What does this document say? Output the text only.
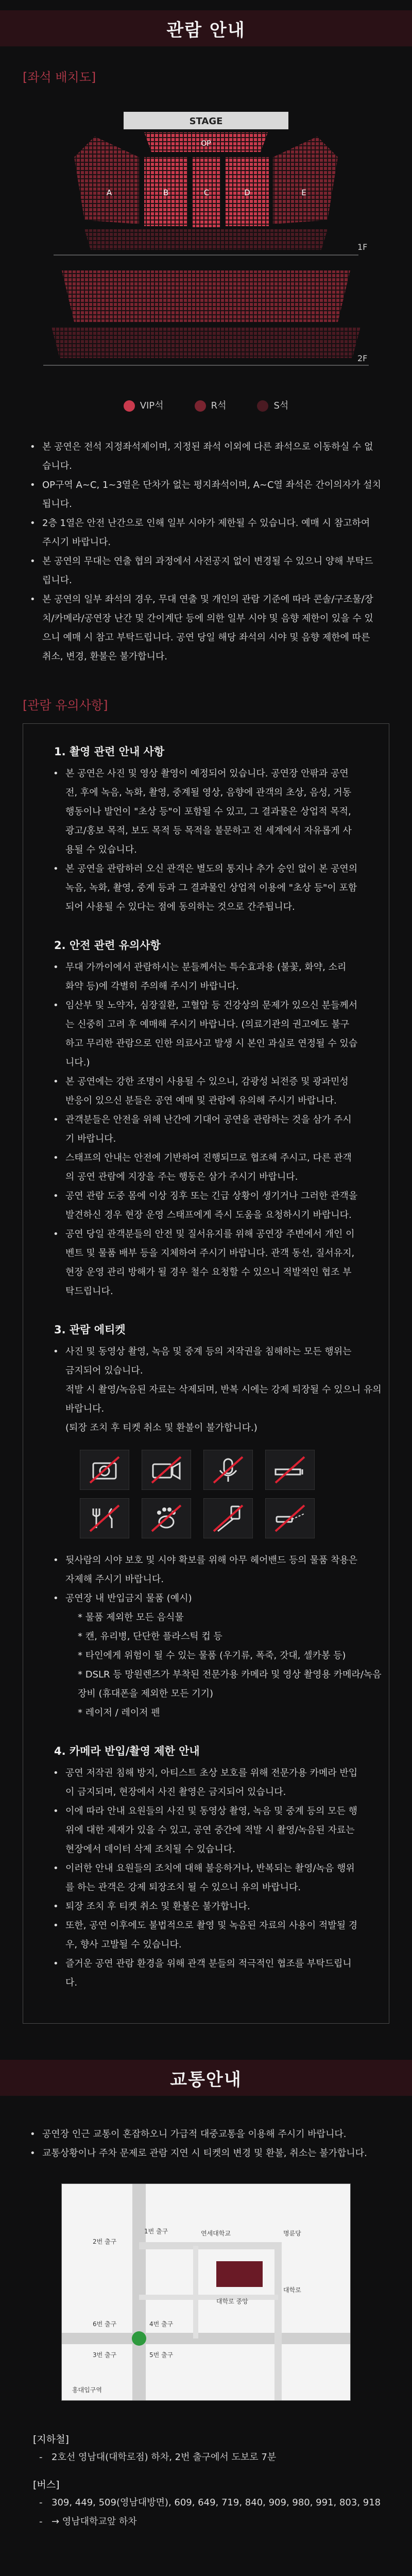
관람 안내
[좌석 배치도]
STAGE
OP
A	B	C	D	E
1F
2F
VIP석	R석	S석
• 본 공연은 전석 지정좌석제이며, 지정된 좌석 이외에 다른 좌석으로 이동하실 수 없습니다.
• OP구역 A~C, 1~3열은 단차가 없는 평지좌석이며, A~C열 좌석은 간이의자가 설치됩니다.
• 2층 1열은 안전 난간으로 인해 일부 시야가 제한될 수 있습니다. 예매 시 참고하여 주시기 바랍니다.
• 본 공연의 무대는 연출 협의 과정에서 사전공지 없이 변경될 수 있으니 양해 부탁드립니다.
• 본 공연의 일부 좌석의 경우, 무대 연출 및 개인의 관람 기준에 따라 콘솔/구조물/장치/카메라/공연장 난간 및 간이계단 등에 의한 일부 시야 및 음향 제한이 있을 수 있으니 예매 시 참고 부탁드립니다. 공연 당일 해당 좌석의 시야 및 음향 제한에 따른 취소, 변경, 환불은 불가합니다.
[관람 유의사항]
1. 촬영 관련 안내 사항
• 본 공연은 사진 및 영상 촬영이 예정되어 있습니다. 공연장 안팎과 공연 전, 후에 녹음, 녹화, 촬영, 중계될 영상, 음향에 관객의 초상, 음성, 거동 행동이나 발언이 "초상 등"이 포함될 수 있고, 그 결과물은 상업적 목적, 광고/홍보 목적, 보도 목적 등 목적을 불문하고 전 세계에서 자유롭게 사용될 수 있습니다.
• 본 공연을 관람하러 오신 관객은 별도의 통지나 추가 승인 없이 본 공연의 녹음, 녹화, 촬영, 중계 등과 그 결과물인 상업적 이용에 "초상 등"이 포함되어 사용될 수 있다는 점에 동의하는 것으로 간주됩니다.
2. 안전 관련 유의사항
• 무대 가까이에서 관람하시는 분들께서는 특수효과용 (불꽃, 화약, 소리 화약 등)에 각별히 주의해 주시기 바랍니다.
• 임산부 및 노약자, 심장질환, 고혈압 등 건강상의 문제가 있으신 분들께서는 신중히 고려 후 예매해 주시기 바랍니다. (의료기관의 권고에도 불구하고 무리한 관람으로 인한 의료사고 발생 시 본인 과실로 연정될 수 있습니다.)
• 본 공연에는 강한 조명이 사용될 수 있으니, 감광성 뇌전증 및 광과민성 반응이 있으신 분들은 공연 예매 및 관람에 유의해 주시기 바랍니다.
• 관객분들은 안전을 위해 난간에 기대어 공연을 관람하는 것을 삼가 주시기 바랍니다.
• 스태프의 안내는 안전에 기반하여 진행되므로 협조해 주시고, 다른 관객의 공연 관람에 지장을 주는 행동은 삼가 주시기 바랍니다.
• 공연 관람 도중 몸에 이상 징후 또는 긴급 상황이 생기거나 그러한 관객을 발견하신 경우 현장 운영 스태프에게 즉시 도움을 요청하시기 바랍니다.
• 공연 당일 관객분들의 안전 및 질서유지를 위해 공연장 주변에서 개인 이벤트 및 물품 배부 등을 지체하여 주시기 바랍니다. 관객 동선, 질서유지, 현장 운영 관리 방해가 될 경우 철수 요청할 수 있으니 적발적인 협조 부탁드립니다.
3. 관람 에티켓
• 사진 및 동영상 촬영, 녹음 및 중계 등의 저작권을 침해하는 모든 행위는 금지되어 있습니다.
적발 시 촬영/녹음된 자료는 삭제되며, 반복 시에는 강제 퇴장될 수 있으니 유의 바랍니다.
(퇴장 조치 후 티켓 취소 및 환불이 불가합니다.)
• 뒷사람의 시야 보호 및 시야 확보를 위해 아무 헤어밴드 등의 물품 착용은 자제해 주시기 바랍니다.
• 공연장 내 반입금지 물품 (예시)
* 물품 제외한 모든 음식물
* 캔, 유리병, 단단한 플라스틱 컵 등
* 타인에게 위험이 될 수 있는 물품 (우기류, 폭죽, 갓대, 셀카봉 등)
* DSLR 등 망원렌즈가 부착된 전문가용 카메라 및 영상 촬영용 카메라/녹음 장비 (휴대폰을 제외한 모든 기기)
* 레이저 / 레이저 펜
4. 카메라 반입/촬영 제한 안내
• 공연 저작권 침해 방지, 아티스트 초상 보호를 위해 전문가용 카메라 반입이 금지되며, 현장에서 사진 촬영은 금지되어 있습니다.
• 이에 따라 안내 요원들의 사진 및 동영상 촬영, 녹음 및 중계 등의 모든 행위에 대한 제재가 있을 수 있고, 공연 중간에 적발 시 촬영/녹음된 자료는 현장에서 데이터 삭제 조치될 수 있습니다.
• 이러한 안내 요원들의 조치에 대해 불응하거나, 반복되는 촬영/녹음 행위를 하는 관객은 강제 퇴장조치 될 수 있으니 유의 바랍니다.
• 퇴장 조치 후 티켓 취소 및 환불은 불가합니다.
• 또한, 공연 이후에도 불법적으로 촬영 및 녹음된 자료의 사용이 적발될 경우, 향사 고발될 수 있습니다.
• 즐거운 공연 관람 환경을 위해 관객 분들의 적극적인 협조를 부탁드립니다.
교통안내
• 공연장 인근 교통이 혼잡하오니 가급적 대중교통을 이용해 주시기 바랍니다.
• 교통상황이나 주차 문제로 관람 지연 시 티켓의 변경 및 환불, 취소는 불가합니다.
1번 출구
2번 출구
6번 출구
5번 출구
3번 출구
4번 출구
대학로
연세대학교	명륜당
대학로 중앙
홍대입구역
[지하철]
- 2호선 영남대(대학로점) 하차, 2번 출구에서 도보로 7분
[버스]
- 309, 449, 509(영남대방면), 609, 649, 719, 840, 909, 980, 991, 803, 918
- → 영남대학교앞 하차
